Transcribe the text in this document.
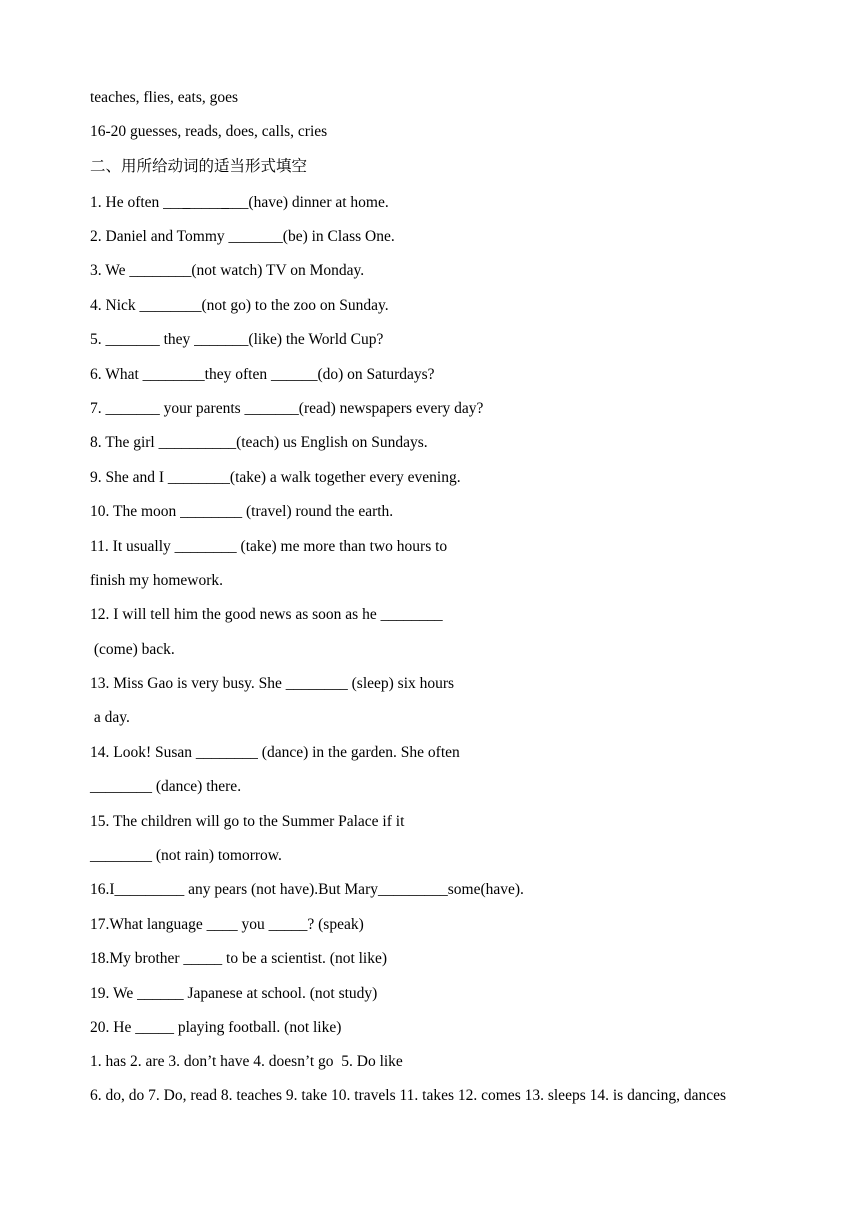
teaches, flies, eats, goes
16-20 guesses, reads, does, calls, cries
二、用所给动词的适当形式填空
1. He often ___̲_____̲___(have) dinner at home.
2. Daniel and Tommy _______(be) in Class One.
3. We ________(not watch) TV on Monday.
4. Nick ________(not go) to the zoo on Sunday.
5. _______ they _______(like) the World Cup?
6. What ________they often ______(do) on Saturdays?
7. _______ your parents _______(read) newspapers every day?
8. The girl __________(teach) us English on Sundays.
9. She and I ________(take) a walk together every evening.
10. The moon ________ (travel) round the earth.
11. It usually ________ (take) me more than two hours to
finish my homework.
12. I will tell him the good news as soon as he ________
(come) back.
13. Miss Gao is very busy. She ________ (sleep) six hours
a day.
14. Look! Susan ________ (dance) in the garden. She often
________ (dance) there.
15. The children will go to the Summer Palace if it
________ (not rain) tomorrow.
16.I_________ any pears (not have).But Mary_________some(have).
17.What language ____ you _____? (speak)
18.My brother _____ to be a scientist. (not like)
19. We ______ Japanese at school. (not study)
20. He _____ playing football. (not like)
1. has 2. are 3. don’t have 4. doesn’t go  5. Do like
6. do, do 7. Do, read 8. teaches 9. take 10. travels 11. takes 12. comes 13. sleeps 14. is dancing, dances
